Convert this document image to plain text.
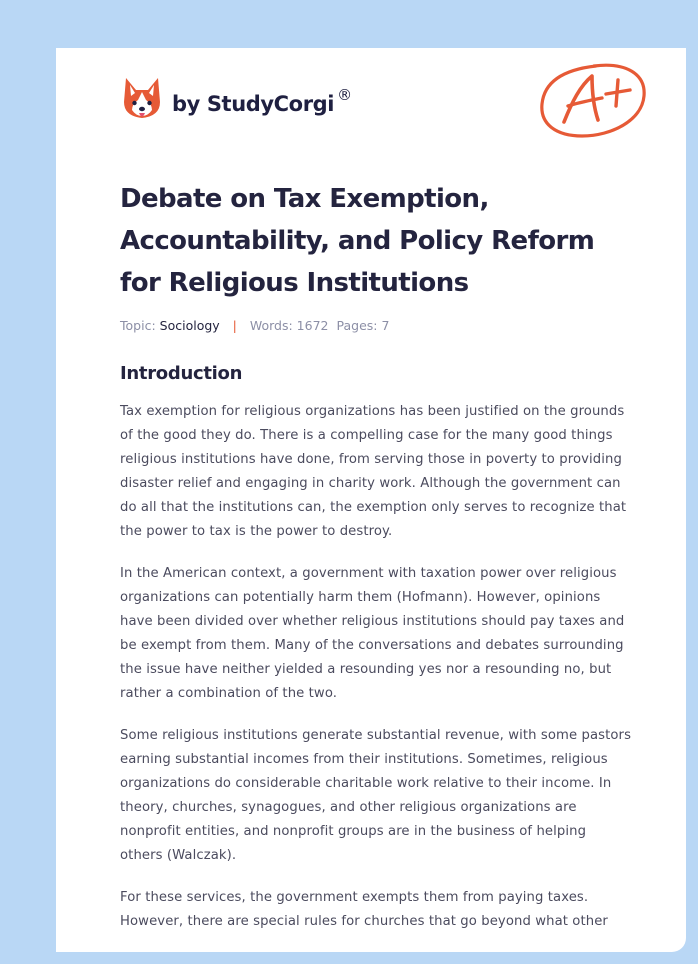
by StudyCorgi ®
Debate on Tax Exemption, Accountability, and Policy Reform for Religious Institutions
Topic: Sociology | Words: 1672 Pages: 7
Introduction

Tax exemption for religious organizations has been justified on the grounds of the good they do. There is a compelling case for the many good things religious institutions have done, from serving those in poverty to providing disaster relief and engaging in charity work. Although the government can do all that the institutions can, the exemption only serves to recognize that the power to tax is the power to destroy.

In the American context, a government with taxation power over religious organizations can potentially harm them (Hofmann). However, opinions have been divided over whether religious institutions should pay taxes and be exempt from them. Many of the conversations and debates surrounding the issue have neither yielded a resounding yes nor a resounding no, but rather a combination of the two.

Some religious institutions generate substantial revenue, with some pastors earning substantial incomes from their institutions. Sometimes, religious organizations do considerable charitable work relative to their income. In theory, churches, synagogues, and other religious organizations are nonprofit entities, and nonprofit groups are in the business of helping others (Walczak).

For these services, the government exempts them from paying taxes. However, there are special rules for churches that go beyond what other
